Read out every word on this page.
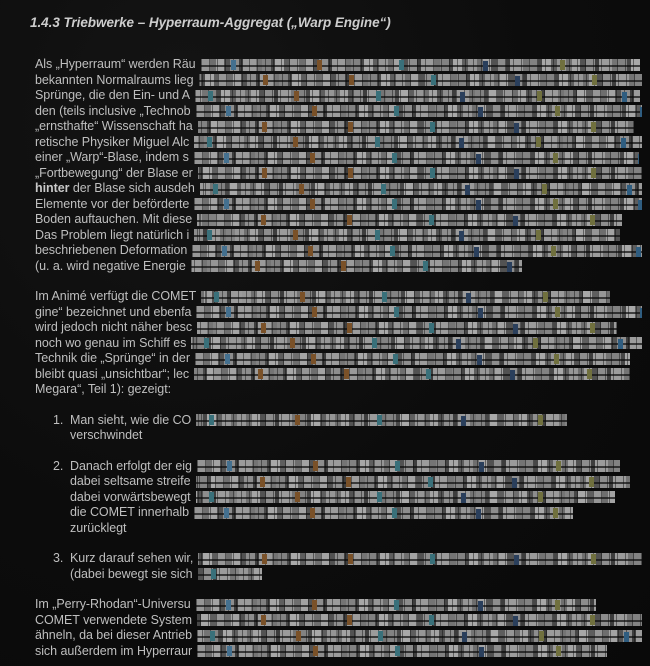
1.4.3 Triebwerke – Hyperraum-Aggregat („Warp Engine“)
Als „Hyperraum“ werden Räu
bekannten Normalraums lieg
Sprünge, die den Ein- und A
den (teils inclusive „Technob
„ernsthafte“ Wissenschaft ha
retische Physiker Miguel Alc
einer „Warp“-Blase, indem s
„Fortbewegung“ der Blase er
hinter der Blase sich ausdeh
Elemente vor der beförderte
Boden auftauchen. Mit diese
Das Problem liegt natürlich i
beschriebenen Deformation
(u. a. wird negative Energie
Im Animé verfügt die COMET
gine“ bezeichnet und ebenfa
wird jedoch nicht näher besc
noch wo genau im Schiff es
Technik die „Sprünge“ in der
bleibt quasi „unsichtbar“; lec
Megara“, Teil 1): gezeigt:
1. Man sieht, wie die CO
verschwindet
2. Danach erfolgt der eig
dabei seltsame streife
dabei vorwärtsbewegt
die COMET innerhalb
zurücklegt
3. Kurz darauf sehen wir,
(dabei bewegt sie sich
Im „Perry-Rhodan“-Universu
COMET verwendete System
ähneln, da bei dieser Antrieb
sich außerdem im Hyperraur
